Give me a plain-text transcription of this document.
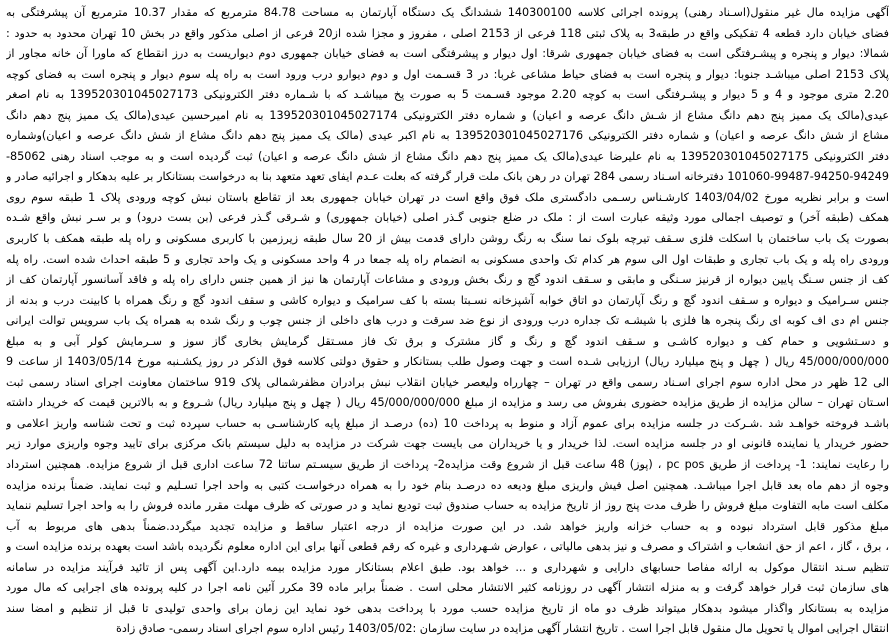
آگهی مزایده مال غیر منقول(اسـناد رهنی) پرونده اجرائی کلاسه 140300100 ششدانگ یک دستگاه آپارتمان به مساحت 84.78 مترمربع که مقدار 10.37 مترمربع آن پیشرفتگی به
فضای خیابان دارد قطعه 4 تفکیکی واقع در طبقه3 به پلاک ثبتی 118 فرعی از 2153 اصلی ، مفروز و مجزا شده از20 فرعی از اصلی مذکور واقع در بخش 10 تهران محدود به حدود :
شمالا: دیوار و پنجره و پیشـرفتگی است به فضای خیابان جمهوری شرقا: اول دیوار و پیشرفتگی است به فضای خیابان جمهوری دوم دیواریست به درز انقطاع که ماورا آن خانه مجاور از
پلاک 2153 اصلی میباشـد جنوبا: دیوار و پنجره است به فضای حیاط مشاعی غربا: در 3 قسـمت اول و دوم دیوارو درب ورود است به راه پله سوم دیوار و پنجره است به فضای کوچه
2.20 متری موجود و 4 و 5 دیوار و پیشـرفتگی است به کوچه 2.20 موجود قسـمت 5 به صورت پخ میباشـد که با شـماره دفتر الکترونیکی 139520301045027173 به نام اصغر
عیدی(مالک یک ممیز پنج دهم دانگ مشاع از شـش دانگ عرصه و اعیان) و شماره دفتر الکترونیکی 139520301045027174 به نام امیرحسین عیدی(مالک یک ممیز پنج دهم دانگ
مشاع از شش دانگ عرصه و اعیان) و شماره دفتر الکترونیکی 139520301045027176 به نام اکبر عیدی (مالک یک ممیز پنج دهم دانگ مشاع از شش دانگ عرصه و اعیان)وشماره
دفتر الکترونیکی 139520301045027175 به نام علیرضا عیدی(مالک یک ممیز پنج دهم دانگ مشاع از شش دانگ عرصه و اعیان) ثبت گردیده است و به موجب اسناد رهنی 85062-
101060-99487-94250-94249 دفترخانه اسـناد رسمی 284 تهران در رهن بانک ملت قرار گرفته که بعلت عـدم ایفای تعهد متعهد بنا به درخواست بستانکار بر علیه بدهکار و اجرائیه صادر و
است و برابر نظریه مورخ 1403/04/02 کارشـناس رسـمی دادگستری ملک فوق واقع است در تهران خیابان جمهوری بعد از تقاطع باستان نبش کوچه ورودی پلاک 1 طبقه سوم روی
همکف (طبقه آخر) و توصیف اجمالی مورد وثیقه عبارت است از : ملک در ضلع جنوبی گـذر اصلی (خیابان جمهوری) و شـرقی گـذر فرعی (بن بست درود) و بر سـر نبش واقع شـده
بصورت یک باب ساختمان با اسکلت فلزی سـقف تیرچه بلوک نما سنگ به رنگ روشن دارای قدمت بیش از 20 سال طبقه زیرزمین با کاربری مسکونی و راه پله طبقه همکف با کاربری
ورودی راه پله و یک باب تجاری و طبقات اول الی سوم هر کدام تک واحدی مسکونی به انضمام راه پله جمعا در 4 واحد مسکونی و یک واحد تجاری و 5 طبقه احداث شده است. راه پله
کف از جنس سـنگ پایین دیواره از قرنیز سـنگی و مابقی و سـقف اندود گچ و رنگ بخش ورودی و مشاعات آپارتمان ها نیز از همین جنس دارای راه پله و فاقد آسانسور آپارتمان کف از
جنس سـرامیک و دیواره و سـقف اندود گچ و رنگ آپارتمان دو اتاق خوابه آشپزخانه نسـبتا بسته با کف سرامیک و دیواره کاشی و سقف اندود گچ و رنگ همراه با کابینت درب و بدنه از
جنس ام دی اف کوبه ای رنگ پنجره ها فلزی با شیشـه تک جداره درب ورودی از نوع ضد سرقت و درب های داخلی از جنس چوب و رنگ شده به همراه یک باب سرویس توالت ایرانی
و دسـتشویی و حمام کف و دیواره کاشـی و سـقف اندود گچ و رنگ و گاز مشترک و برق تک فاز مسـتقل گرمایش بخاری گاز سوز و سـرمایش کولر آبی و به مبلغ
45/000/000/000 ریال ( چهل و پنج میلیارد ریال) ارزیابی شـده است و جهت وصول طلب بستانکار و حقوق دولتی کلاسه فوق الذکر در روز یکشـنبه مورخ 1403/05/14 از ساعت 9
الی 12 ظهر در محل اداره سوم اجرای اسـناد رسمی واقع در تهران – چهارراه ولیعصر خیابان انقلاب نبش برادران مظفرشمالی پلاک 919 ساختمان معاونت اجرای اسناد رسمی ثبت
اسـتان تهران – سالن مزایده از طریق مزایده حضوری بفروش می رسد و مزایده از مبلغ 45/000/000/000 ریال ( چهل و پنج میلیارد ریال) شـروع و به بالاترین قیمت که خریدار داشته
باشـد فروخته خواهـد شد .شـرکت در جلسه مزایده برای عموم آزاد و منوط به پرداخت 10 (ده) درصـد از مبلغ پایه کارشناسـی به حساب سپرده ثبت و تحت شناسه واریز اعلامی و
حضور خریدار یا نماینده قانونی او در جلسه مزایده است. لذا خریدار و یا خریداران می بایست جهت شرکت در مزایده به دلیل سیستم بانک مرکزی برای تایید وجوه واریزی موارد زیر
را رعایت نمایند: 1- پرداخت از طریق pc pos ، (پوز) 48 ساعت قبل از شروع وقت مزایده2- پرداخت از طریق سیسـتم ساتنا 72 ساعت اداری قبل از شروع مزایده. همچنین استرداد
وجوه از دهم ماه بعد قابل اجرا میباشـد. همچنین اصل فیش واریزی مبلغ ودیعه ده درصـد بنام خود را به همراه درخواسـت کتبی به واحد اجرا تسـلیم و ثبت نمایند. ضمناً برنده مزایده
مکلف است مابه التفاوت مبلغ فروش را ظرف مدت پنج روز از تاریخ مزایده به حساب صندوق ثبت تودیع نماید و در صورتی که ظرف مهلت مقرر مانده فروش را به واحد اجرا تسلیم ننماید
مبلغ مذکور قابل استرداد نبوده و به حساب خزانه واریز خواهد شد. در این صورت مزایده از درجه اعتبار ساقط و مزایده تجدید میگردد.ضمناً بدهی های مربوط به آب
، برق ، گاز ، اعم از حق انشعاب و اشتراک و مصرف و نیز بدهی مالیاتی ، عوارض شـهرداری و غیره که رقم قطعی آنها برای این اداره معلوم نگردیده باشد است بعهده برنده مزایده است و
تنظیم سـند انتقال موکول به ارائه مفاصا حسابهای دارایی و شهرداری و ... خواهد بود. طبق اعلام بستانکار مورد مزایده بیمه دارد.این آگهی پس از تائید فرآیند مزایده در سامانه
های سازمان ثبت قرار خواهد گرفت و به منزله انتشار آگهی در روزنامه کثیر الانتشار محلی است . ضمناً برابر ماده 39 مکرر آئین نامه اجرا در کلیه پرونده های اجرایی که مال مورد
مزایده به بستانکار واگذار میشود بدهکار میتواند ظرف دو ماه از تاریخ مزایده حسب مورد با پرداخت بدهی خود نماید این زمان برای واحدی تولیدی تا قبل از تنظیم و امضا سند
انتقال اجرایی اموال یا تحویل مال منقول قابل اجرا است . تاریخ انتشار آگهی مزایده در سایت سازمان :1403/05/02 رئیس اداره سوم اجرای اسناد رسمی- صادق زادة
